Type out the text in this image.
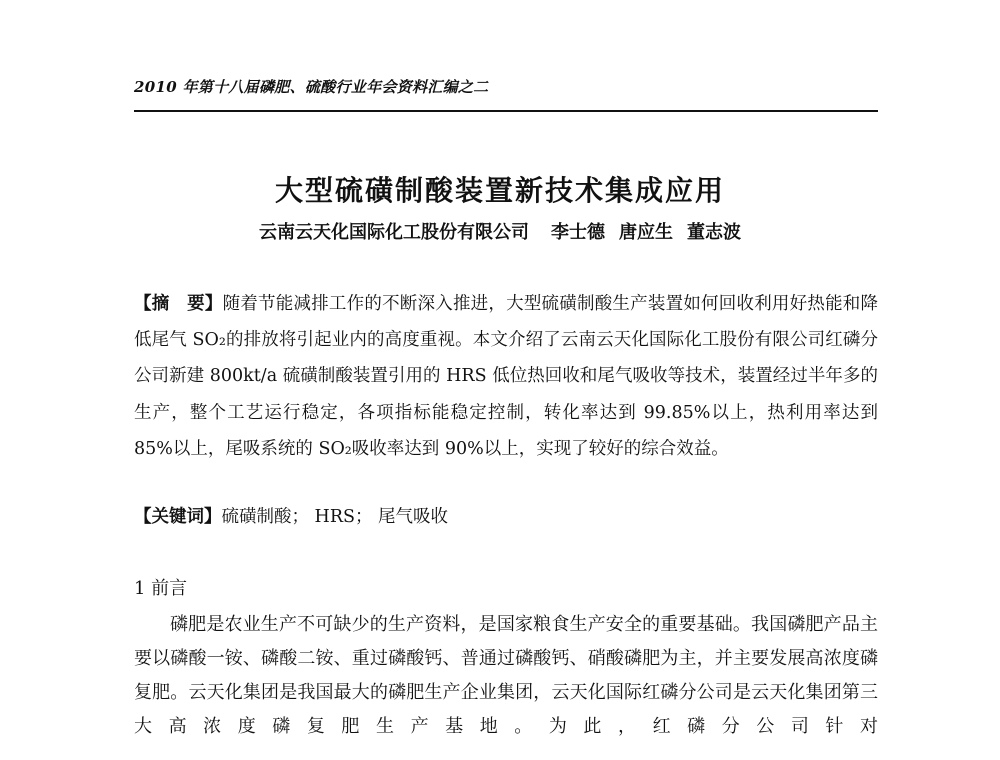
2010 年第十八届磷肥、硫酸行业年会资料汇编之二
大型硫磺制酸装置新技术集成应用
云南云天化国际化工股份有限公司 李士德 唐应生 董志波
【摘　要】随着节能减排工作的不断深入推进，大型硫磺制酸生产装置如何回收利用好热能和降低尾气 SO₂的排放将引起业内的高度重视。本文介绍了云南云天化国际化工股份有限公司红磷分公司新建 800kt/a 硫磺制酸装置引用的 HRS 低位热回收和尾气吸收等技术，装置经过半年多的生产，整个工艺运行稳定，各项指标能稳定控制，转化率达到 99.85%以上，热利用率达到 85%以上，尾吸系统的 SO₂吸收率达到 90%以上，实现了较好的综合效益。
【关键词】硫磺制酸； HRS； 尾气吸收
1 前言
磷肥是农业生产不可缺少的生产资料，是国家粮食生产安全的重要基础。我国磷肥产品主要以磷酸一铵、磷酸二铵、重过磷酸钙、普通过磷酸钙、硝酸磷肥为主，并主要发展高浓度磷复肥。云天化集团是我国最大的磷肥生产企业集团，云天化国际红磷分公司是云天化集团第三大高浓度磷复肥生产基地。为此，红磷分公司针对
